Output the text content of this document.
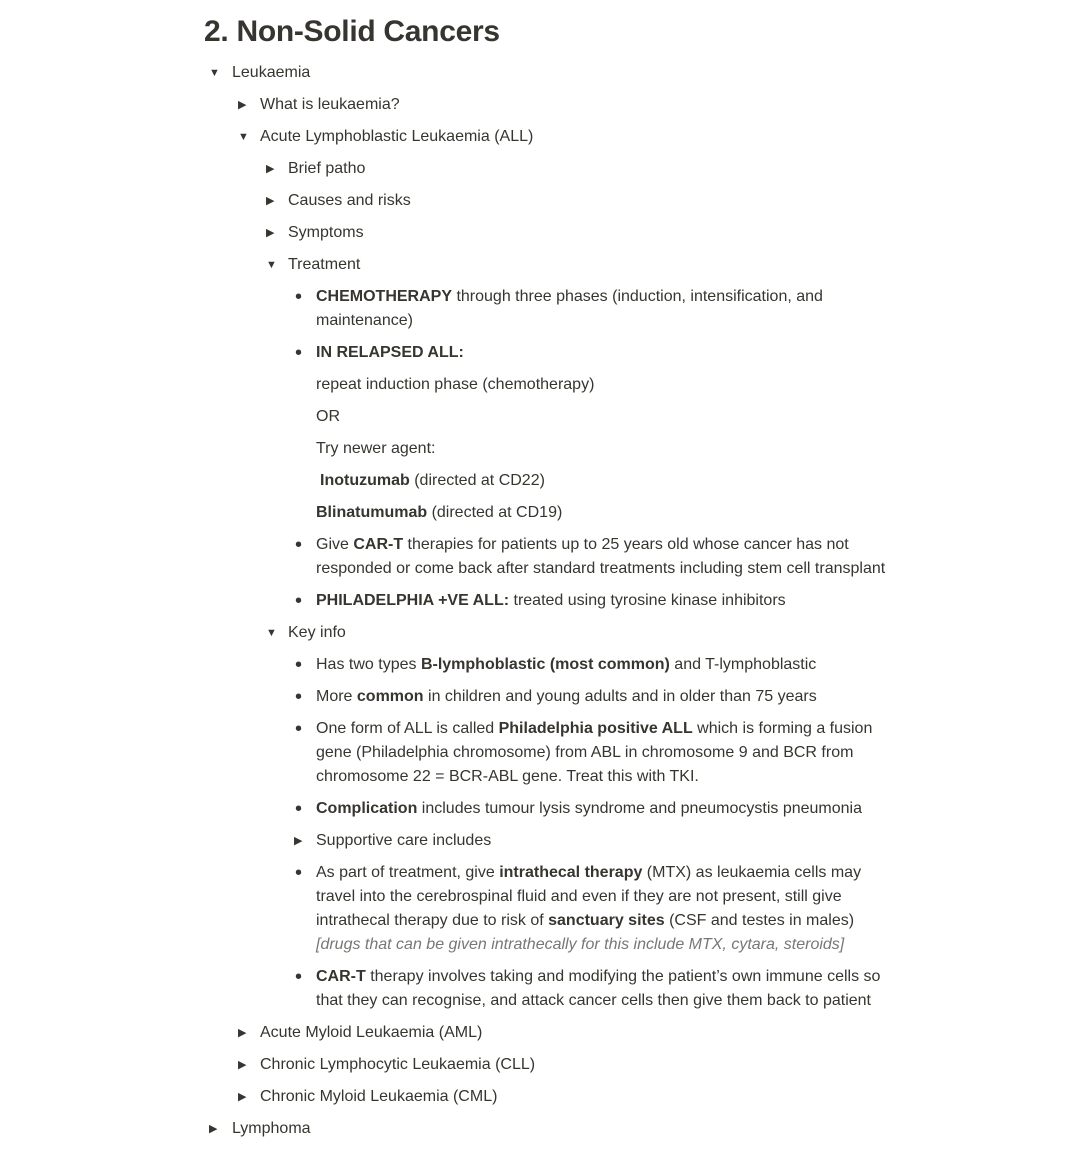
2. Non-Solid Cancers
▼ Leukaemia
▶ What is leukaemia?
▼ Acute Lymphoblastic Leukaemia (ALL)
▶ Brief patho
▶ Causes and risks
▶ Symptoms
▼ Treatment
• CHEMOTHERAPY through three phases (induction, intensification, and maintenance)
• IN RELAPSED ALL:
repeat induction phase (chemotherapy)
OR
Try newer agent:
Inotuzumab (directed at CD22)
Blinatumumab (directed at CD19)
• Give CAR-T therapies for patients up to 25 years old whose cancer has not responded or come back after standard treatments including stem cell transplant
• PHILADELPHIA +VE ALL: treated using tyrosine kinase inhibitors
▼ Key info
• Has two types B-lymphoblastic (most common) and T-lymphoblastic
• More common in children and young adults and in older than 75 years
• One form of ALL is called Philadelphia positive ALL which is forming a fusion gene (Philadelphia chromosome) from ABL in chromosome 9 and BCR from chromosome 22 = BCR-ABL gene. Treat this with TKI.
• Complication includes tumour lysis syndrome and pneumocystis pneumonia
▶ Supportive care includes
• As part of treatment, give intrathecal therapy (MTX) as leukaemia cells may travel into the cerebrospinal fluid and even if they are not present, still give intrathecal therapy due to risk of sanctuary sites (CSF and testes in males)
[drugs that can be given intrathecally for this include MTX, cytara, steroids]
• CAR-T therapy involves taking and modifying the patient’s own immune cells so that they can recognise, and attack cancer cells then give them back to patient
▶ Acute Myloid Leukaemia (AML)
▶ Chronic Lymphocytic Leukaemia (CLL)
▶ Chronic Myloid Leukaemia (CML)
▶ Lymphoma
